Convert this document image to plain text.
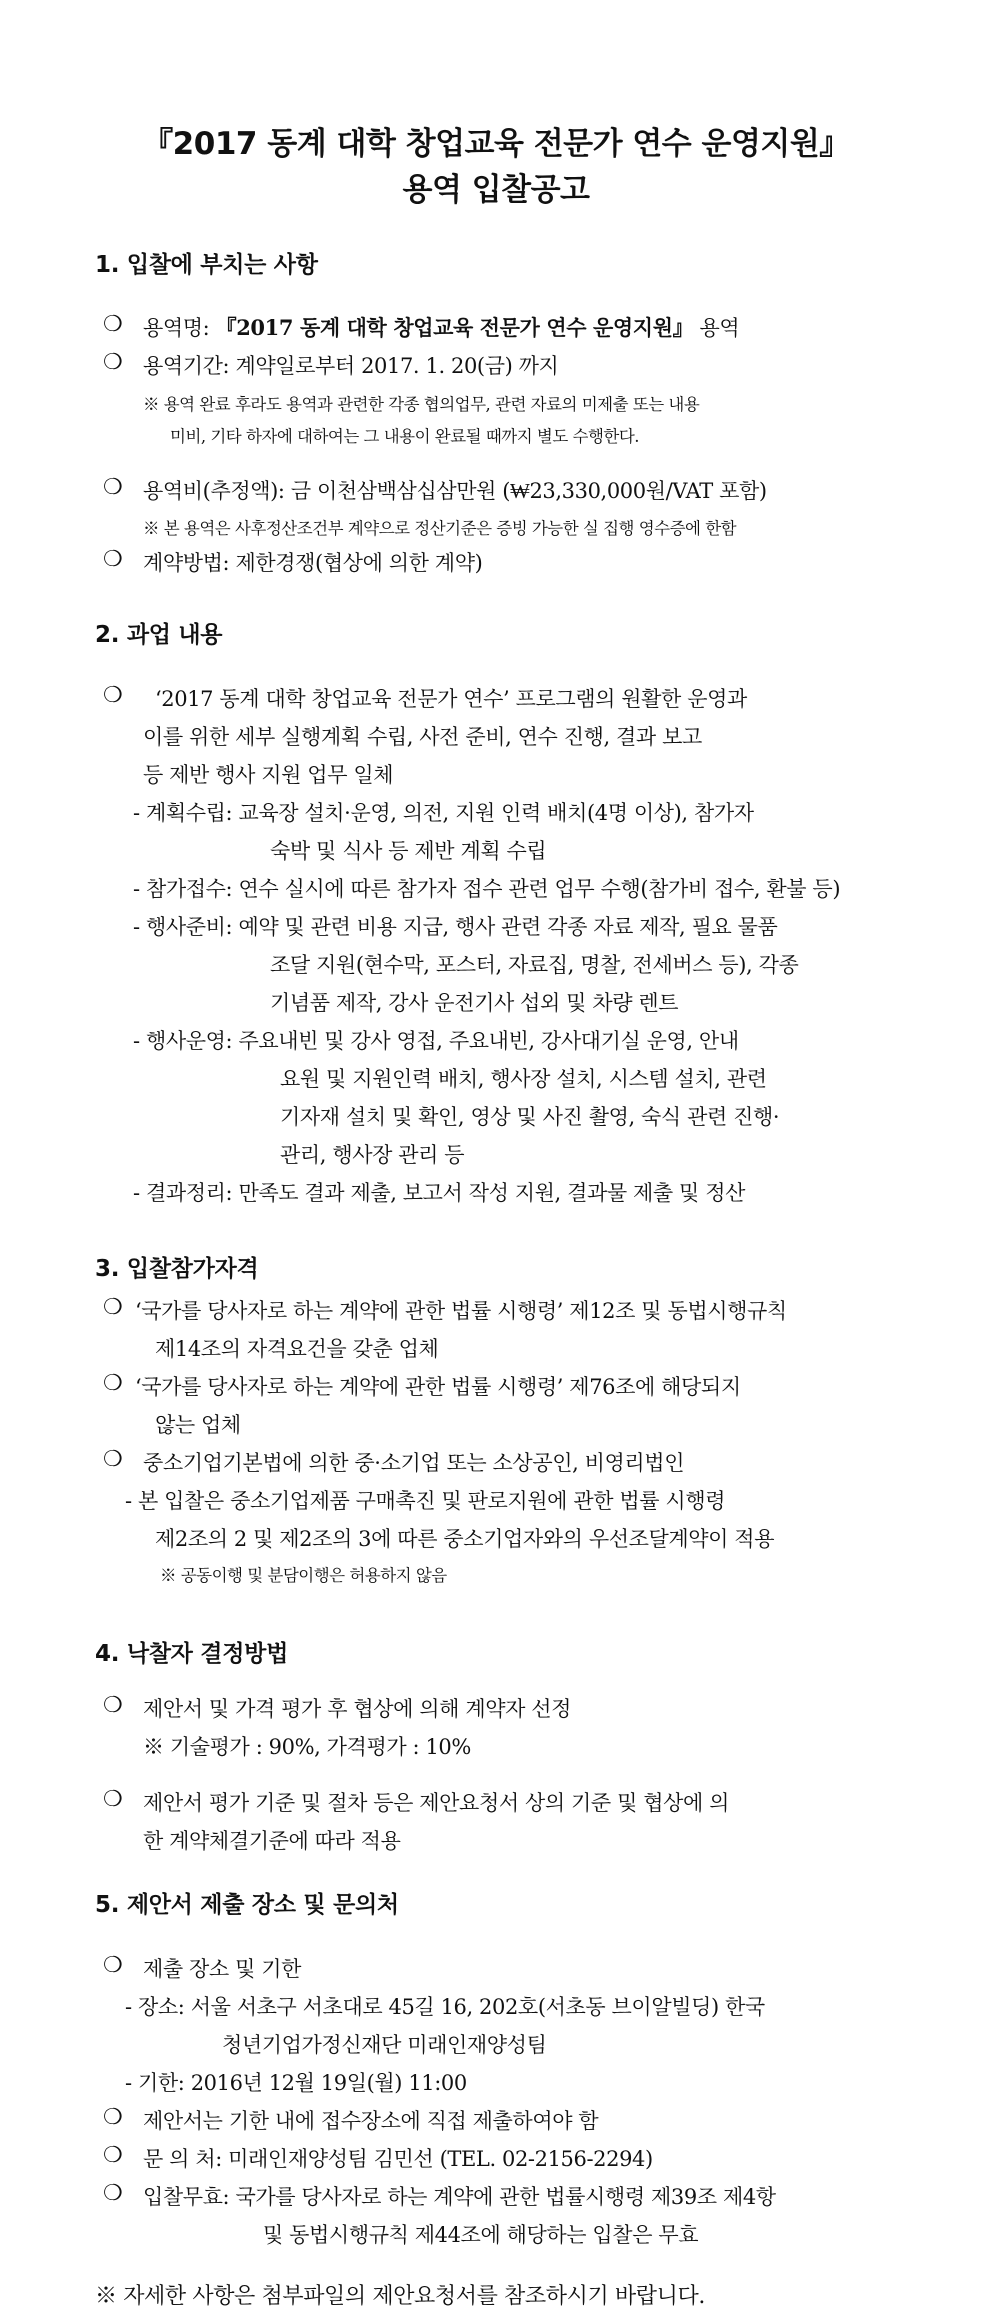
『2017 동계 대학 창업교육 전문가 연수 운영지원』
용역 입찰공고
1. 입찰에 부치는 사항
❍ 용역명: 『2017 동계 대학 창업교육 전문가 연수 운영지원』 용역
❍ 용역기간: 계약일로부터 2017. 1. 20(금) 까지
※ 용역 완료 후라도 용역과 관련한 각종 협의업무, 관련 자료의 미제출 또는 내용
미비, 기타 하자에 대하여는 그 내용이 완료될 때까지 별도 수행한다.
❍ 용역비(추정액): 금 이천삼백삼십삼만원 (₩23,330,000원/VAT 포함)
※ 본 용역은 사후정산조건부 계약으로 정산기준은 증빙 가능한 실 집행 영수증에 한함
❍ 계약방법: 제한경쟁(협상에 의한 계약)
2. 과업 내용
❍ ‘2017 동계 대학 창업교육 전문가 연수’ 프로그램의 원활한 운영과
이를 위한 세부 실행계획 수립, 사전 준비, 연수 진행, 결과 보고
등 제반 행사 지원 업무 일체
- 계획수립: 교육장 설치·운영, 의전, 지원 인력 배치(4명 이상), 참가자
숙박 및 식사 등 제반 계획 수립
- 참가접수: 연수 실시에 따른 참가자 접수 관련 업무 수행(참가비 접수, 환불 등)
- 행사준비: 예약 및 관련 비용 지급, 행사 관련 각종 자료 제작, 필요 물품
조달 지원(현수막, 포스터, 자료집, 명찰, 전세버스 등), 각종
기념품 제작, 강사 운전기사 섭외 및 차량 렌트
- 행사운영: 주요내빈 및 강사 영접, 주요내빈, 강사대기실 운영, 안내
요원 및 지원인력 배치, 행사장 설치, 시스템 설치, 관련
기자재 설치 및 확인, 영상 및 사진 촬영, 숙식 관련 진행·
관리, 행사장 관리 등
- 결과정리: 만족도 결과 제출, 보고서 작성 지원, 결과물 제출 및 정산
3. 입찰참가자격
❍ ‘국가를 당사자로 하는 계약에 관한 법률 시행령’ 제12조 및 동법시행규칙
제14조의 자격요건을 갖춘 업체
❍ ‘국가를 당사자로 하는 계약에 관한 법률 시행령’ 제76조에 해당되지
않는 업체
❍ 중소기업기본법에 의한 중·소기업 또는 소상공인, 비영리법인
- 본 입찰은 중소기업제품 구매촉진 및 판로지원에 관한 법률 시행령
제2조의 2 및 제2조의 3에 따른 중소기업자와의 우선조달계약이 적용
※ 공동이행 및 분담이행은 허용하지 않음
4. 낙찰자 결정방법
❍ 제안서 및 가격 평가 후 협상에 의해 계약자 선정
※ 기술평가 : 90%, 가격평가 : 10%
❍ 제안서 평가 기준 및 절차 등은 제안요청서 상의 기준 및 협상에 의
한 계약체결기준에 따라 적용
5. 제안서 제출 장소 및 문의처
❍ 제출 장소 및 기한
- 장소: 서울 서초구 서초대로 45길 16, 202호(서초동 브이알빌딩) 한국
청년기업가정신재단 미래인재양성팀
- 기한: 2016년 12월 19일(월) 11:00
❍ 제안서는 기한 내에 접수장소에 직접 제출하여야 함
❍ 문 의 처: 미래인재양성팀 김민선 (TEL. 02-2156-2294)
❍ 입찰무효: 국가를 당사자로 하는 계약에 관한 법률시행령 제39조 제4항
및 동법시행규칙 제44조에 해당하는 입찰은 무효
※ 자세한 사항은 첨부파일의 제안요청서를 참조하시기 바랍니다.
